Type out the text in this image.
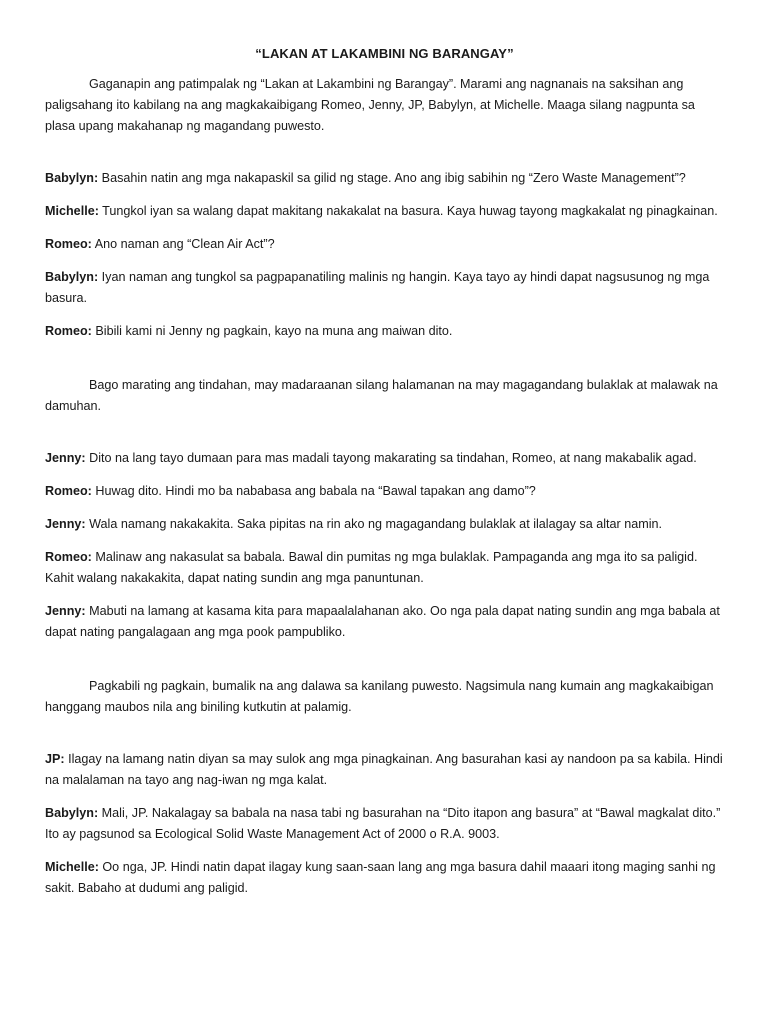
“LAKAN AT LAKAMBINI NG BARANGAY”

Gaganapin ang patimpalak ng “Lakan at Lakambini ng Barangay”. Marami ang nagnanais na saksihan ang paligsahang ito kabilang na ang magkakaibigang Romeo, Jenny, JP, Babylyn, at Michelle. Maaga silang nagpunta sa plasa upang makahanap ng magandang puwesto.

Babylyn: Basahin natin ang mga nakapaskil sa gilid ng stage. Ano ang ibig sabihin ng “Zero Waste Management”?

Michelle: Tungkol iyan sa walang dapat makitang nakakalat na basura. Kaya huwag tayong magkakalat ng pinagkainan.

Romeo: Ano naman ang “Clean Air Act”?

Babylyn: Iyan naman ang tungkol sa pagpapanatiling malinis ng hangin. Kaya tayo ay hindi dapat nagsusunog ng mga basura.

Romeo: Bibili kami ni Jenny ng pagkain, kayo na muna ang maiwan dito.

Bago marating ang tindahan, may madaraanan silang halamanan na may magagandang bulaklak at malawak na damuhan.

Jenny: Dito na lang tayo dumaan para mas madali tayong makarating sa tindahan, Romeo, at nang makabalik agad.

Romeo: Huwag dito. Hindi mo ba nababasa ang babala na “Bawal tapakan ang damo”?

Jenny: Wala namang nakakakita. Saka pipitas na rin ako ng magagandang bulaklak at ilalagay sa altar namin.

Romeo: Malinaw ang nakasulat sa babala. Bawal din pumitas ng mga bulaklak. Pampaganda ang mga ito sa paligid. Kahit walang nakakakita, dapat nating sundin ang mga panuntunan.

Jenny: Mabuti na lamang at kasama kita para mapaalalahanan ako. Oo nga pala dapat nating sundin ang mga babala at dapat nating pangalagaan ang mga pook pampubliko.

Pagkabili ng pagkain, bumalik na ang dalawa sa kanilang puwesto. Nagsimula nang kumain ang magkakaibigan hanggang maubos nila ang biniling kutkutin at palamig.

JP: Ilagay na lamang natin diyan sa may sulok ang mga pinagkainan. Ang basurahan kasi ay nandoon pa sa kabila. Hindi na malalaman na tayo ang nag-iwan ng mga kalat.

Babylyn: Mali, JP. Nakalagay sa babala na nasa tabi ng basurahan na “Dito itapon ang basura” at “Bawal magkalat dito.” Ito ay pagsunod sa Ecological Solid Waste Management Act of 2000 o R.A. 9003.

Michelle: Oo nga, JP. Hindi natin dapat ilagay kung saan-saan lang ang mga basura dahil maaari itong maging sanhi ng sakit. Babaho at dudumi ang paligid.
